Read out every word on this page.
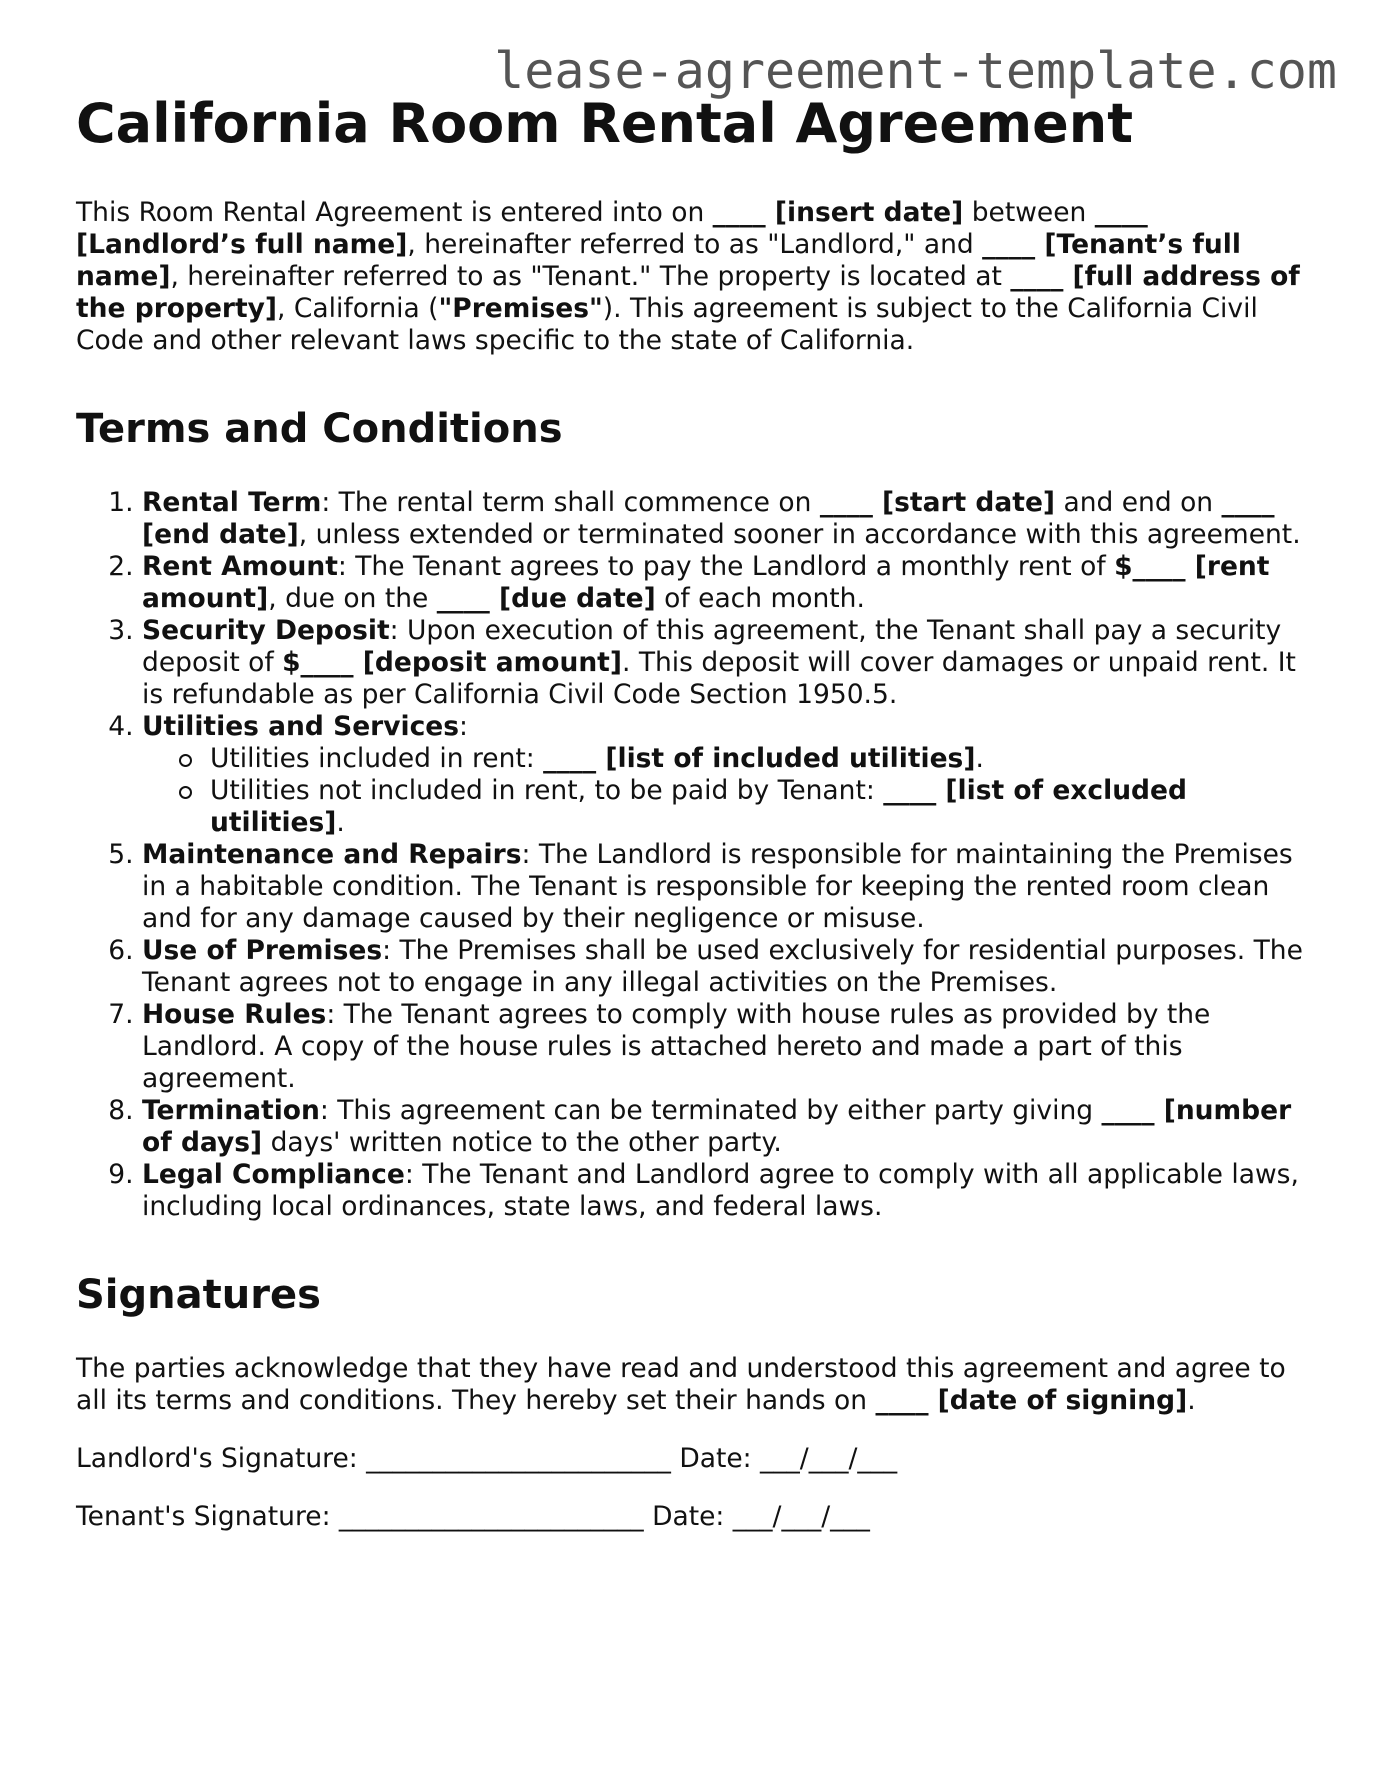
lease-agreement-template.com
California Room Rental Agreement

This Room Rental Agreement is entered into on ____ [insert date] between ____ [Landlord’s full name], hereinafter referred to as "Landlord," and ____ [Tenant’s full name], hereinafter referred to as "Tenant." The property is located at ____ [full address of the property], California ("Premises"). This agreement is subject to the California Civil Code and other relevant laws specific to the state of California.

Terms and Conditions
1. Rental Term: The rental term shall commence on ____ [start date] and end on ____ [end date], unless extended or terminated sooner in accordance with this agreement.
2. Rent Amount: The Tenant agrees to pay the Landlord a monthly rent of $____ [rent amount], due on the ____ [due date] of each month.
3. Security Deposit: Upon execution of this agreement, the Tenant shall pay a security deposit of $____ [deposit amount]. This deposit will cover damages or unpaid rent. It is refundable as per California Civil Code Section 1950.5.
4. Utilities and Services:
Utilities included in rent: ____ [list of included utilities].
Utilities not included in rent, to be paid by Tenant: ____ [list of excluded utilities].
5. Maintenance and Repairs: The Landlord is responsible for maintaining the Premises in a habitable condition. The Tenant is responsible for keeping the rented room clean and for any damage caused by their negligence or misuse.
6. Use of Premises: The Premises shall be used exclusively for residential purposes. The Tenant agrees not to engage in any illegal activities on the Premises.
7. House Rules: The Tenant agrees to comply with house rules as provided by the Landlord. A copy of the house rules is attached hereto and made a part of this agreement.
8. Termination: This agreement can be terminated by either party giving ____ [number of days] days' written notice to the other party.
9. Legal Compliance: The Tenant and Landlord agree to comply with all applicable laws, including local ordinances, state laws, and federal laws.
Signatures

The parties acknowledge that they have read and understood this agreement and agree to all its terms and conditions. They hereby set their hands on ____ [date of signing].

Landlord's Signature: _______________________ Date: ___/___/___

Tenant's Signature: _______________________ Date: ___/___/___
